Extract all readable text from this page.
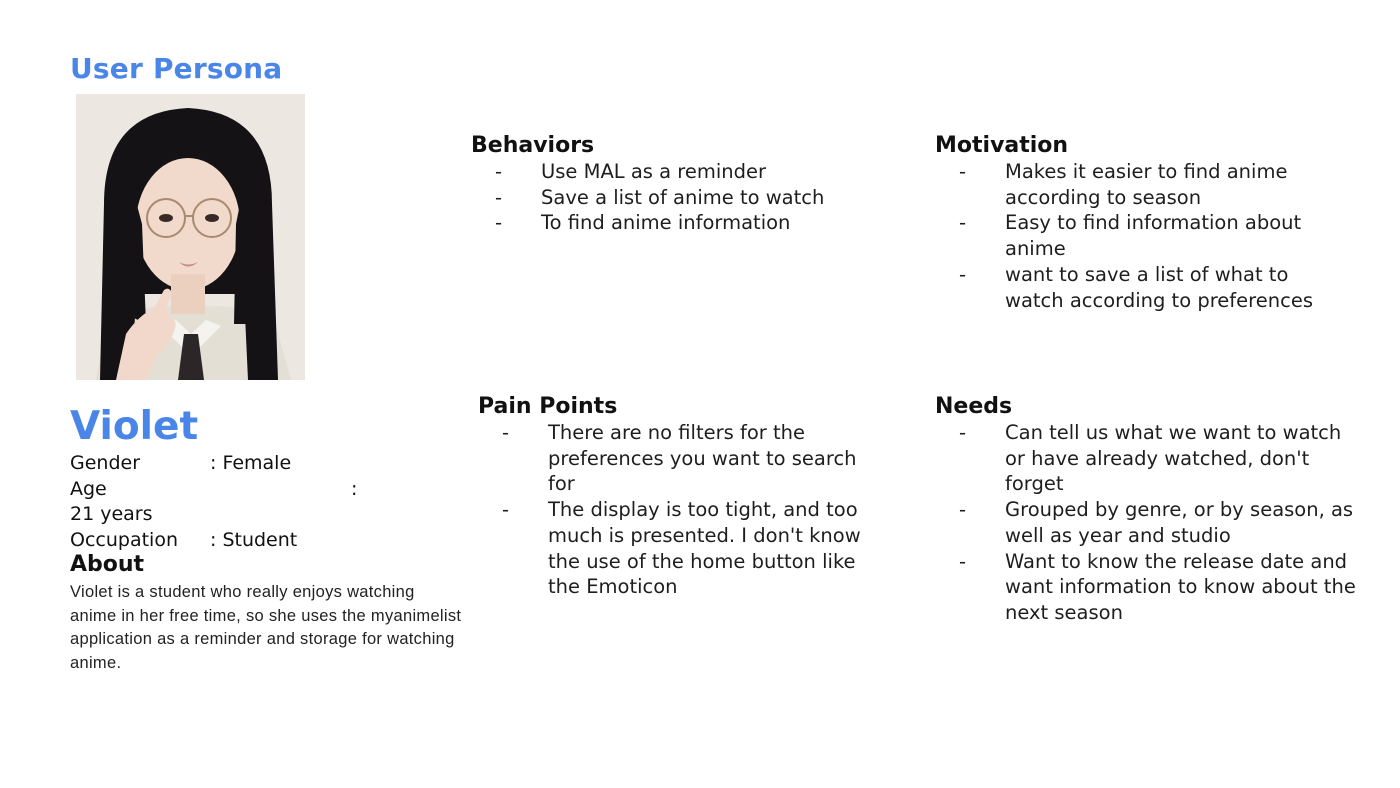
User Persona
Violet
Gender	: Female
Age	:
21 years
Occupation : Student
About
Violet is a student who really enjoys watching anime in her free time, so she uses the myanimelist application as a reminder and storage for watching anime.
Behaviors
- Use MAL as a reminder
- Save a list of anime to watch
- To find anime information
Motivation
- Makes it easier to find anime according to season
- Easy to find information about anime
- want to save a list of what to watch according to preferences
Pain Points
- There are no filters for the preferences you want to search for
- The display is too tight, and too much is presented. I don't know the use of the home button like the Emoticon
Needs
- Can tell us what we want to watch or have already watched, don't forget
- Grouped by genre, or by season, as well as year and studio
- Want to know the release date and want information to know about the next season
